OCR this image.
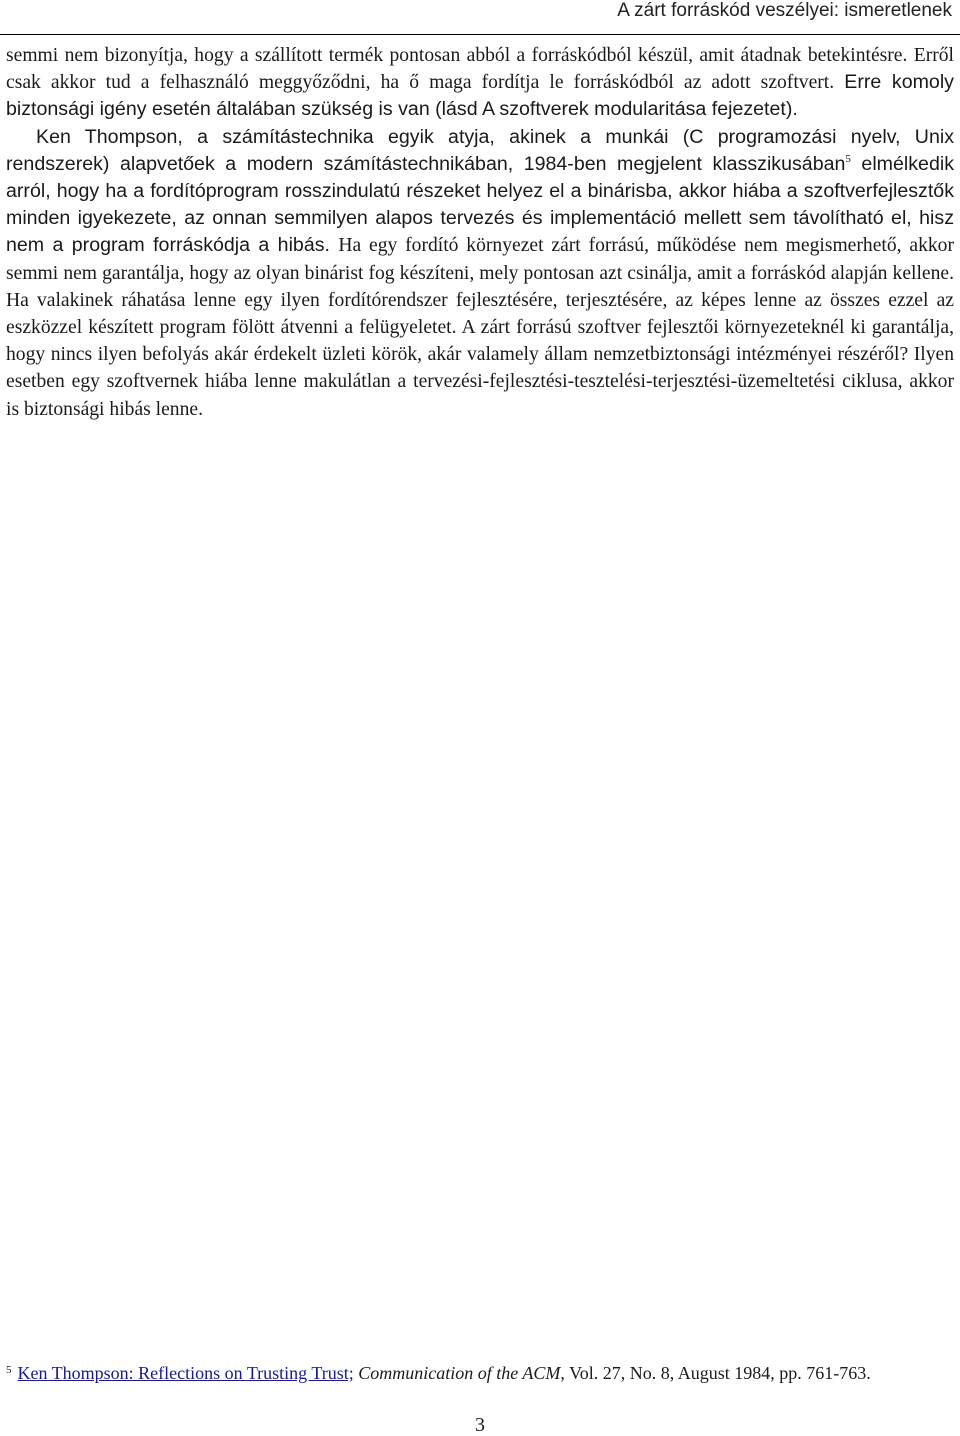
A zárt forráskód veszélyei: ismeretlenek

semmi nem bizonyítja, hogy a szállított termék pontosan abból a forráskódból készül, amit átadnak betekintésre. Erről csak akkor tud a felhasználó meggyőződni, ha ő maga fordítja le forráskódból az adott szoftvert. Erre komoly biztonsági igény esetén általában szükség is van (lásd A szoftverek modularitása fejezetet).

Ken Thompson, a számítástechnika egyik atyja, akinek a munkái (C programozási nyelv, Unix rendszerek) alapvetőek a modern számítástechnikában, 1984-ben megjelent klasszikusában$^5$ elmélkedik arról, hogy ha a fordítóprogram rosszindulatú részeket helyez el a binárisba, akkor hiába a szoftverfejlesztők minden igyekezete, az onnan semmilyen alapos tervezés és implementáció mellett sem távolítható el, hisz nem a program forráskódja a hibás. Ha egy fordító környezet zárt forrású, működése nem megismerhető, akkor semmi nem garantálja, hogy az olyan binárist fog készíteni, mely pontosan azt csinálja, amit a forráskód alapján kellene. Ha valakinek ráhatása lenne egy ilyen fordítórendszer fejlesztésére, terjesztésére, az képes lenne az összes ezzel az eszközzel készített program fölött átvenni a felügyeletet. A zárt forrású szoftver fejlesztői környezeteknél ki garantálja, hogy nincs ilyen befolyás akár érdekelt üzleti körök, akár valamely állam nemzetbiztonsági intézményei részéről? Ilyen esetben egy szoftvernek hiába lenne makulátlan a tervezési-fejlesztési-tesztelési-terjesztési-üzemeltetési ciklusa, akkor is biztonsági hibás lenne.

$^5$ Ken Thompson: Reflections on Trusting Trust; Communication of the ACM, Vol. 27, No. 8, August 1984, pp. 761-763.
3
